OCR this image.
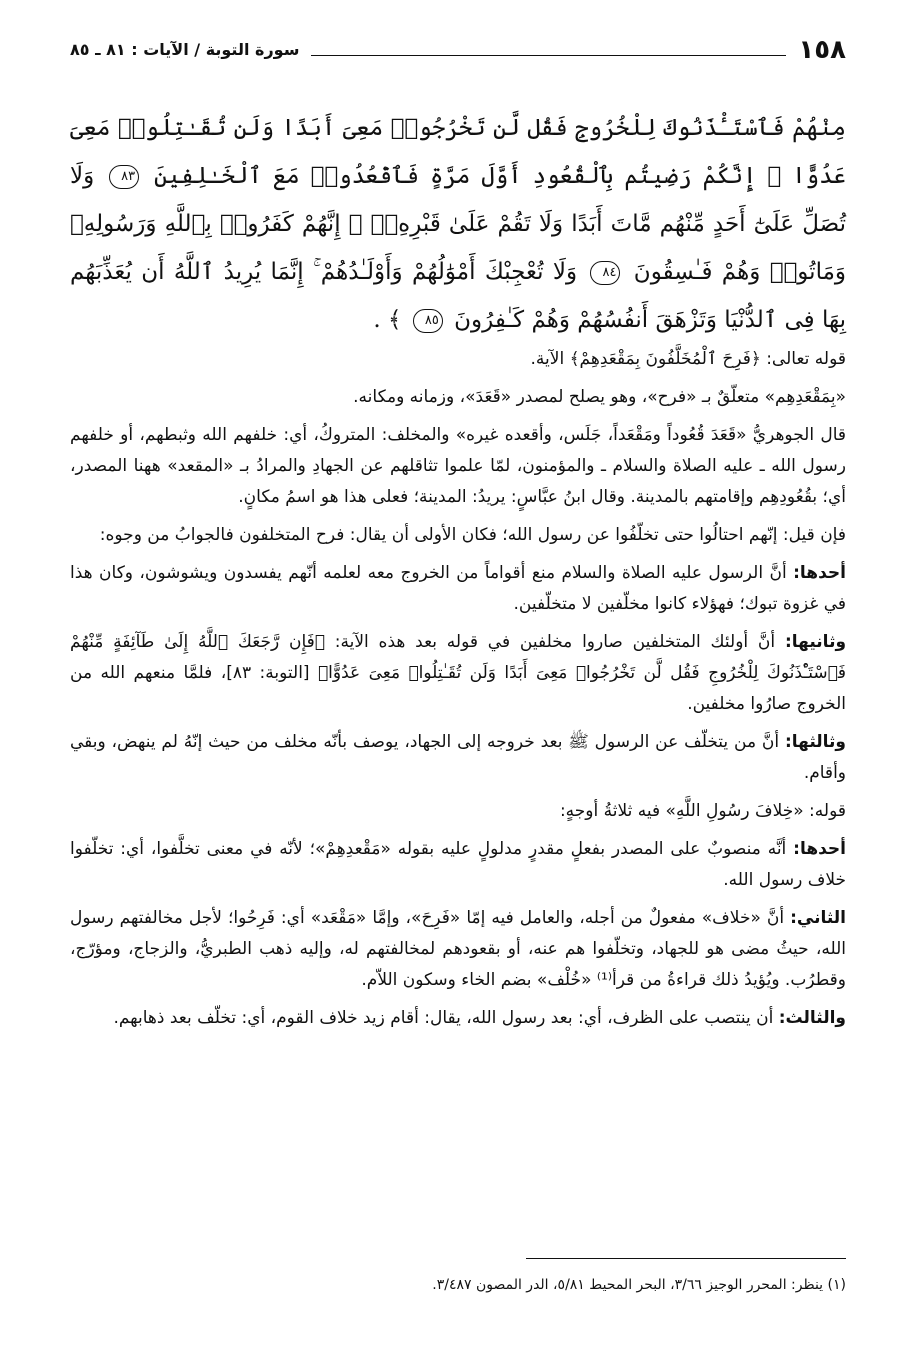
١٥٨
سورة التوبة / الآيات : ٨١ ـ ٨٥
مِنْهُمْ فَٱسْتَـْٔذَنُوكَ لِلْخُرُوجِ فَقُل لَّن تَخْرُجُوا۟ مَعِىَ أَبَدًا وَلَن تُقَـٰتِلُوا۟ مَعِىَ عَدُوًّا ۖ إِنَّكُمْ رَضِيتُم بِٱلْقُعُودِ أَوَّلَ مَرَّةٍ فَٱقْعُدُوا۟ مَعَ ٱلْخَـٰلِفِينَ ٨٣ وَلَا تُصَلِّ عَلَىٰٓ أَحَدٍ مِّنْهُم مَّاتَ أَبَدًا وَلَا تَقُمْ عَلَىٰ قَبْرِهِۦٓ ۖ إِنَّهُمْ كَفَرُوا۟ بِٱللَّهِ وَرَسُولِهِۦ وَمَاتُوا۟ وَهُمْ فَـٰسِقُونَ ٨٤ وَلَا تُعْجِبْكَ أَمْوَٰلُهُمْ وَأَوْلَـٰدُهُمْ ۚ إِنَّمَا يُرِيدُ ٱللَّهُ أَن يُعَذِّبَهُم بِهَا فِى ٱلدُّنْيَا وَتَزْهَقَ أَنفُسُهُمْ وَهُمْ كَـٰفِرُونَ ٨٥ ﴾ .

قوله تعالى: ﴿فَرِحَ ٱلْمُخَلَّفُونَ بِمَقْعَدِهِمْ﴾ الآية.

«بِمَقْعَدِهِم» متعلّقٌ بـ «فرح»، وهو يصلح لمصدر «قَعَدَ»، وزمانه ومكانه.

قال الجوهريُّ «قَعَدَ قُعُوداً ومَقْعَداً، جَلَس، وأقعده غيره» والمخلف: المتروكُ، أي: خلفهم الله وثبطهم، أو خلفهم رسول الله ـ عليه الصلاة والسلام ـ والمؤمنون، لمّا علموا تثاقلهم عن الجهادِ والمرادُ بـ «المقعد» ههنا المصدر، أي؛ بقُعُودِهِم وإقامتهم بالمدينة. وقال ابنُ عبَّاسٍ: يريدُ: المدينة؛ فعلى هذا هو اسمُ مكانٍ.

فإن قيل: إنّهم احتالُوا حتى تخلّفُوا عن رسول الله؛ فكان الأولى أن يقال: فرح المتخلفون فالجوابُ من وجوه:

أحدها: أنَّ الرسول عليه الصلاة والسلام منع أقواماً من الخروج معه لعلمه أنّهم يفسدون ويشوشون، وكان هذا في غزوة تبوك؛ فهؤلاء كانوا مخلّفين لا متخلّفين.

وثانيها: أنَّ أولئك المتخلفين صاروا مخلفين في قوله بعد هذه الآية: ﴿فَإِن رَّجَعَكَ ٱللَّهُ إِلَىٰ طَآئِفَةٍ مِّنْهُمْ فَٱسْتَـْٔذَنُوكَ لِلْخُرُوجِ فَقُل لَّن تَخْرُجُوا۟ مَعِىَ أَبَدًا وَلَن تُقَـٰتِلُوا۟ مَعِىَ عَدُوًّا﴾ [التوبة: ٨٣]، فلمَّا منعهم الله من الخروج صارُوا مخلفين.

وثالثها: أنَّ من يتخلّف عن الرسول ﷺ بعد خروجه إلى الجهاد، يوصف بأنّه مخلف من حيث إنّهُ لم ينهض، وبقي وأقام.

قوله: «خِلافَ رسُولِ اللَّهِ» فيه ثلاثةُ أوجهٍ:

أحدها: أنَّه منصوبٌ على المصدر بفعلٍ مقدرٍ مدلولٍ عليه بقوله «مَقْعدِهِمْ»؛ لأنّه في معنى تخلَّفوا، أي: تخلّفوا خلاف رسول الله.

الثاني: أنَّ «خلاف» مفعولٌ من أجله، والعامل فيه إمّا «فَرِحَ»، وإمَّا «مَقْعَد» أي: فَرِحُوا؛ لأجل مخالفتهم رسول الله، حيثُ مضى هو للجهاد، وتخلّفوا هم عنه، أو بقعودهم لمخالفتهم له، وإليه ذهب الطبريُّ، والزجاج، ومؤرّج، وقطرُب. ويُؤيدُ ذلك قراءةُ من قرأ⁽¹⁾ «خُلْف» بضم الخاء وسكون اللاّم.

والثالث: أن ينتصب على الظرف، أي: بعد رسول الله، يقال: أقام زيد خلاف القوم، أي: تخلّف بعد ذهابهم.

(١) ينظر: المحرر الوجيز ٣/٦٦، البحر المحيط ٥/٨١، الدر المصون ٣/٤٨٧.
